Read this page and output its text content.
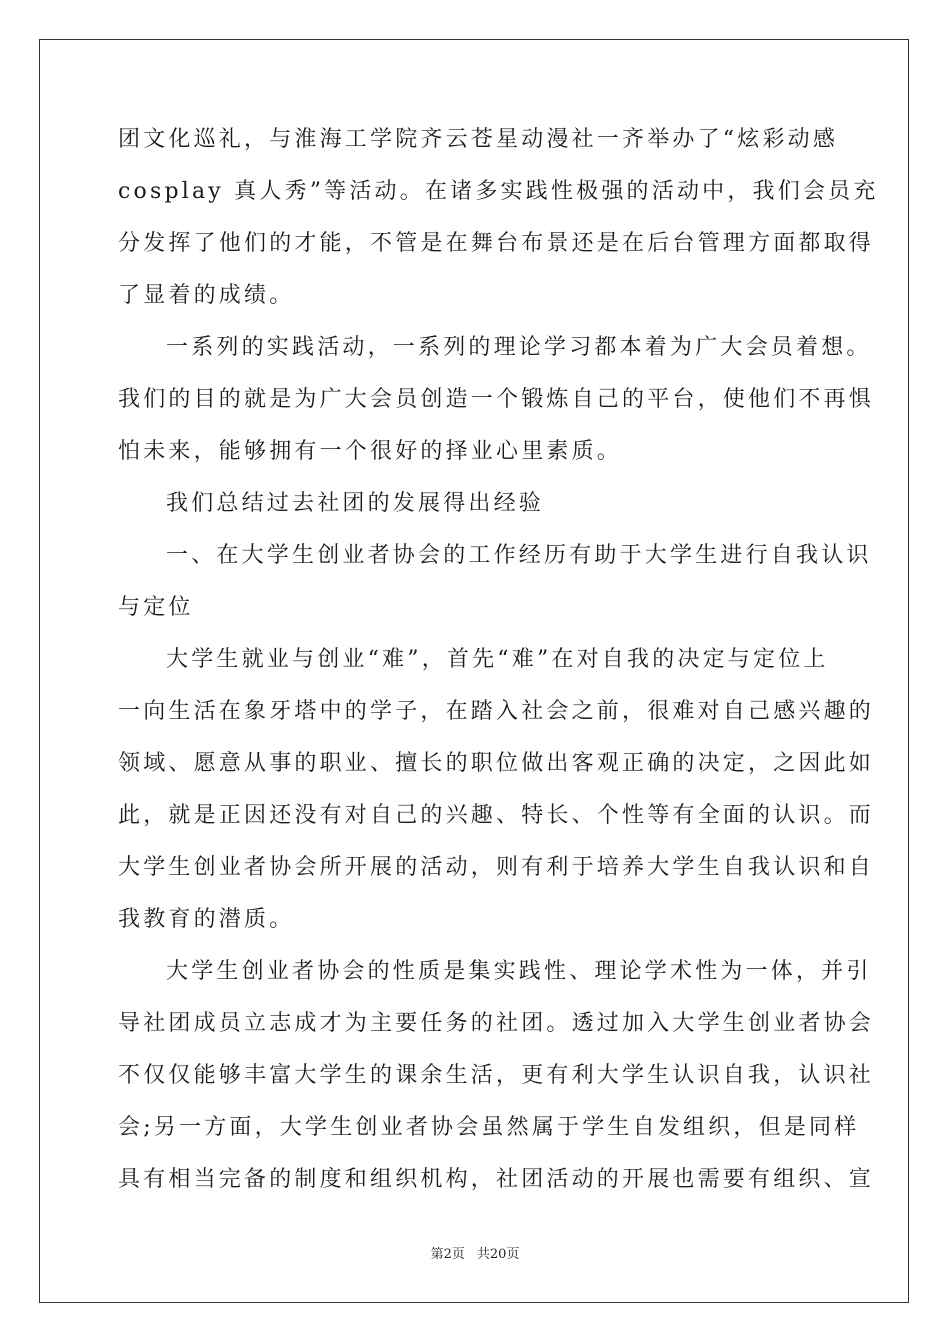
团文化巡礼，与淮海工学院齐云苍星动漫社一齐举办了“炫彩动感
cosplay 真人秀”等活动。在诸多实践性极强的活动中，我们会员充
分发挥了他们的才能，不管是在舞台布景还是在后台管理方面都取得
了显着的成绩。
一系列的实践活动，一系列的理论学习都本着为广大会员着想。
我们的目的就是为广大会员创造一个锻炼自己的平台，使他们不再惧
怕未来，能够拥有一个很好的择业心里素质。
我们总结过去社团的发展得出经验
一、在大学生创业者协会的工作经历有助于大学生进行自我认识
与定位
大学生就业与创业“难”，首先“难”在对自我的决定与定位上
一向生活在象牙塔中的学子，在踏入社会之前，很难对自己感兴趣的
领域、愿意从事的职业、擅长的职位做出客观正确的决定，之因此如
此，就是正因还没有对自己的兴趣、特长、个性等有全面的认识。而
大学生创业者协会所开展的活动，则有利于培养大学生自我认识和自
我教育的潜质。
大学生创业者协会的性质是集实践性、理论学术性为一体，并引
导社团成员立志成才为主要任务的社团。透过加入大学生创业者协会
不仅仅能够丰富大学生的课余生活，更有利大学生认识自我，认识社
会;另一方面，大学生创业者协会虽然属于学生自发组织，但是同样
具有相当完备的制度和组织机构，社团活动的开展也需要有组织、宣
第2页 共20页
